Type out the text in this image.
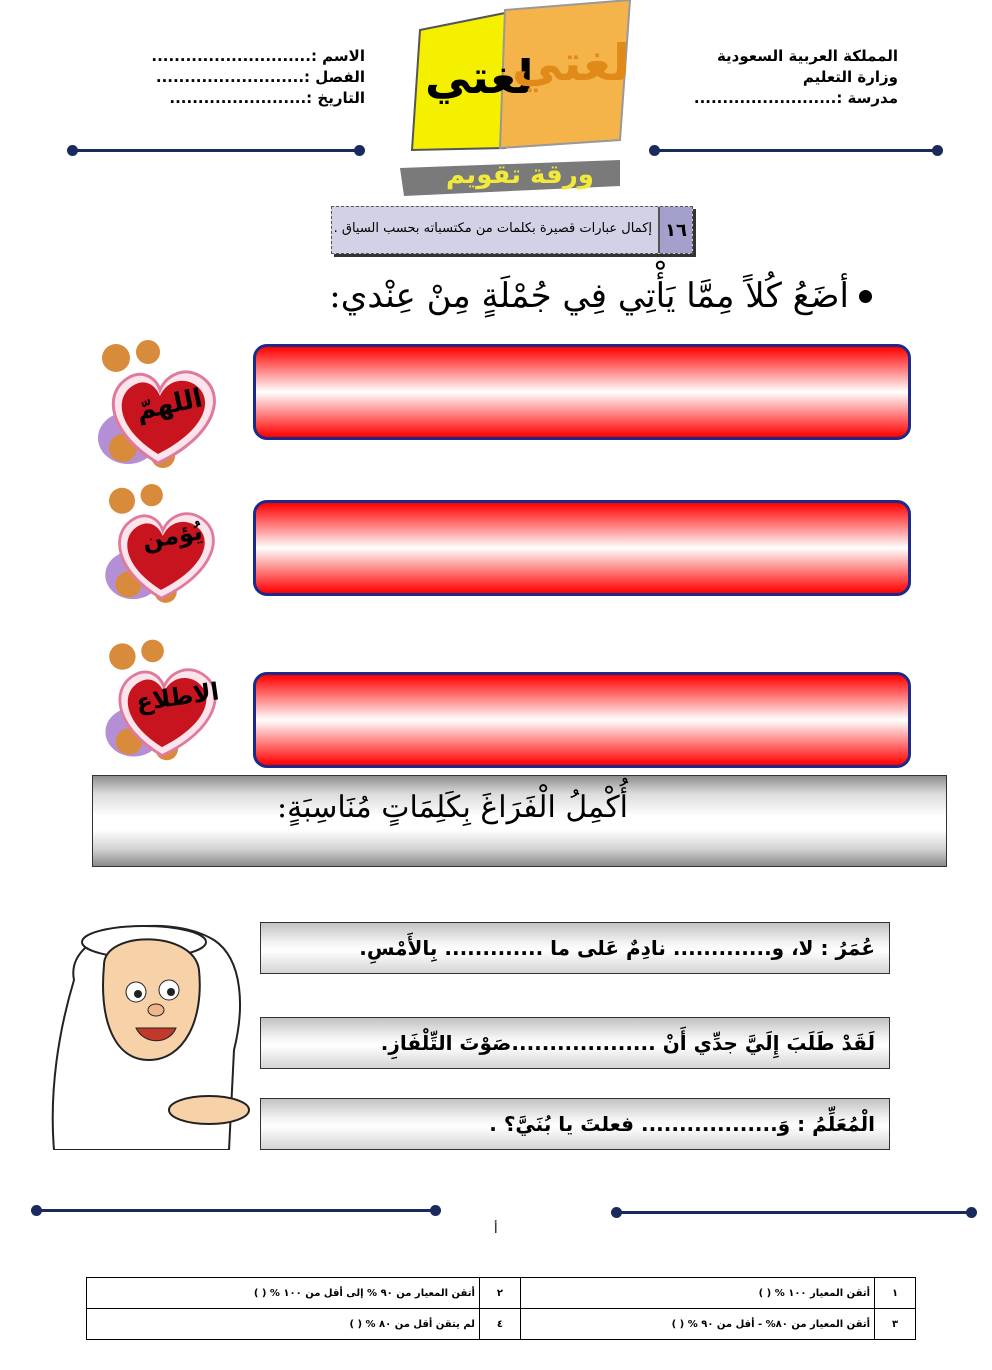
المملكة العربية السعودية
وزارة التعليم
مدرسة :.........................
الاسم :............................
الفصل :..........................
التاريخ :........................ لغتي
لغتي
ورقة تقويم
١٦
إكمال عبارات قصيرة بكلمات من مكتسباته بحسب السياق .
أضَعُ كُلاً مِمَّا يَأْتِي فِي جُمْلَةٍ مِنْ عِنْدي:
اللهمّ
يُؤمن
الاطلاع
أُكْمِلُ الْفَرَاغَ بِكَلِمَاتٍ مُنَاسِبَةٍ:
عُمَرُ : لا، و............. نادِمٌ عَلى ما ............. بِالأَمْسِ.
لَقَدْ طَلَبَ إِلَيَّ جدِّي أَنْ ...................صَوْتَ التِّلْفَازِ.
الْمُعَلِّمُ : وَ.................. فعلتَ يا بُنَيَّ؟ .
أ
١	أتقن المعيار ١٠٠ % ( )	٢	أتقن المعيار من ٩٠ % إلى أقل من ١٠٠ % ( )
٣	أتقن المعيار من ٨٠% - أقل من ٩٠ % ( )	٤	لم يتقن أقل من ٨٠ % ( )
